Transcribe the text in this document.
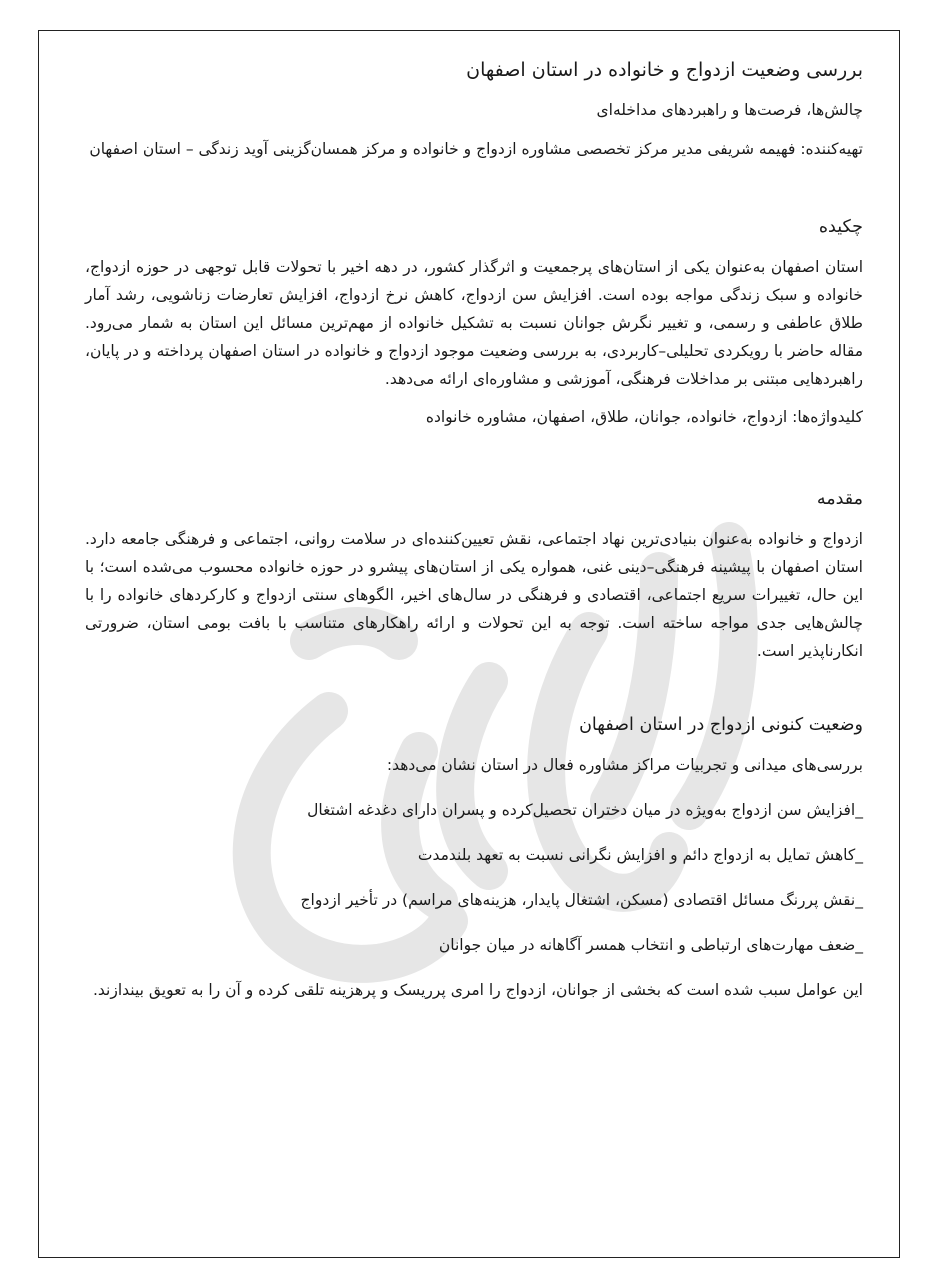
بررسی وضعیت ازدواج و خانواده در استان اصفهان
چالش‌ها، فرصت‌ها و راهبردهای مداخله‌ای
تهیه‌کننده: فهیمه شریفی مدیر مرکز تخصصی مشاوره ازدواج و خانواده و مرکز همسان‌گزینی آوید زندگی – استان اصفهان
چکیده
استان اصفهان به‌عنوان یکی از استان‌های پرجمعیت و اثرگذار کشور، در دهه اخیر با تحولات قابل توجهی در حوزه ازدواج، خانواده و سبک زندگی مواجه بوده است. افزایش سن ازدواج، کاهش نرخ ازدواج، افزایش تعارضات زناشویی، رشد آمار طلاق عاطفی و رسمی، و تغییر نگرش جوانان نسبت به تشکیل خانواده از مهم‌ترین مسائل این استان به شمار می‌رود. مقاله حاضر با رویکردی تحلیلی–کاربردی، به بررسی وضعیت موجود ازدواج و خانواده در استان اصفهان پرداخته و در پایان، راهبردهایی مبتنی بر مداخلات فرهنگی، آموزشی و مشاوره‌ای ارائه می‌دهد.
کلیدواژه‌ها: ازدواج، خانواده، جوانان، طلاق، اصفهان، مشاوره خانواده
مقدمه
ازدواج و خانواده به‌عنوان بنیادی‌ترین نهاد اجتماعی، نقش تعیین‌کننده‌ای در سلامت روانی، اجتماعی و فرهنگی جامعه دارد. استان اصفهان با پیشینه فرهنگی–دینی غنی، همواره یکی از استان‌های پیشرو در حوزه خانواده محسوب می‌شده است؛ با این حال، تغییرات سریع اجتماعی، اقتصادی و فرهنگی در سال‌های اخیر، الگوهای سنتی ازدواج و کارکردهای خانواده را با چالش‌هایی جدی مواجه ساخته است. توجه به این تحولات و ارائه راهکارهای متناسب با بافت بومی استان، ضرورتی انکارناپذیر است.
وضعیت کنونی ازدواج در استان اصفهان
بررسی‌های میدانی و تجربیات مراکز مشاوره فعال در استان نشان می‌دهد:
_افزایش سن ازدواج به‌ویژه در میان دختران تحصیل‌کرده و پسران دارای دغدغه اشتغال
_کاهش تمایل به ازدواج دائم و افزایش نگرانی نسبت به تعهد بلندمدت
_نقش پررنگ مسائل اقتصادی (مسکن، اشتغال پایدار، هزینه‌های مراسم) در تأخیر ازدواج
_ضعف مهارت‌های ارتباطی و انتخاب همسر آگاهانه در میان جوانان
این عوامل سبب شده است که بخشی از جوانان، ازدواج را امری پرریسک و پرهزینه تلقی کرده و آن را به تعویق بیندازند.
